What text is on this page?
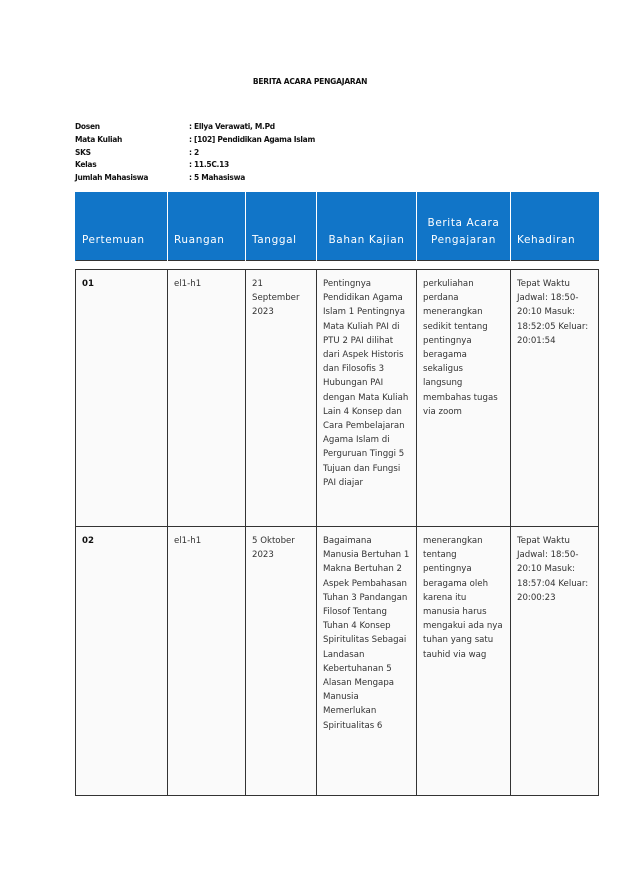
BERITA ACARA PENGAJARAN
Dosen	: Ellya Verawati, M.Pd
Mata Kuliah	: [102] Pendidikan Agama Islam
SKS	: 2
Kelas	: 11.5C.13
Jumlah Mahasiswa	: 5 Mahasiswa
Pertemuan	Ruangan	Tanggal	Bahan Kajian	Berita Acara Pengajaran	Kehadiran

01	el1-h1	21 September 2023	Pentingnya Pendidikan Agama Islam 1 Pentingnya Mata Kuliah PAI di PTU 2 PAI dilihat dari Aspek Historis dan Filosofis 3 Hubungan PAI dengan Mata Kuliah Lain 4 Konsep dan Cara Pembelajaran Agama Islam di Perguruan Tinggi 5 Tujuan dan Fungsi PAI diajar	perkuliahan perdana menerangkan sedikit tentang pentingnya beragama sekaligus langsung membahas tugas via zoom	Tepat Waktu Jadwal: 18:50-20:10 Masuk: 18:52:05 Keluar: 20:01:54
02	el1-h1	5 Oktober 2023	Bagaimana Manusia Bertuhan 1 Makna Bertuhan 2 Aspek Pembahasan Tuhan 3 Pandangan Filosof Tentang Tuhan 4 Konsep Spiritulitas Sebagai Landasan Kebertuhanan 5 Alasan Mengapa Manusia Memerlukan Spiritualitas 6	menerangkan tentang pentingnya beragama oleh karena itu manusia harus mengakui ada nya tuhan yang satu tauhid via wag	Tepat Waktu Jadwal: 18:50-20:10 Masuk: 18:57:04 Keluar: 20:00:23
